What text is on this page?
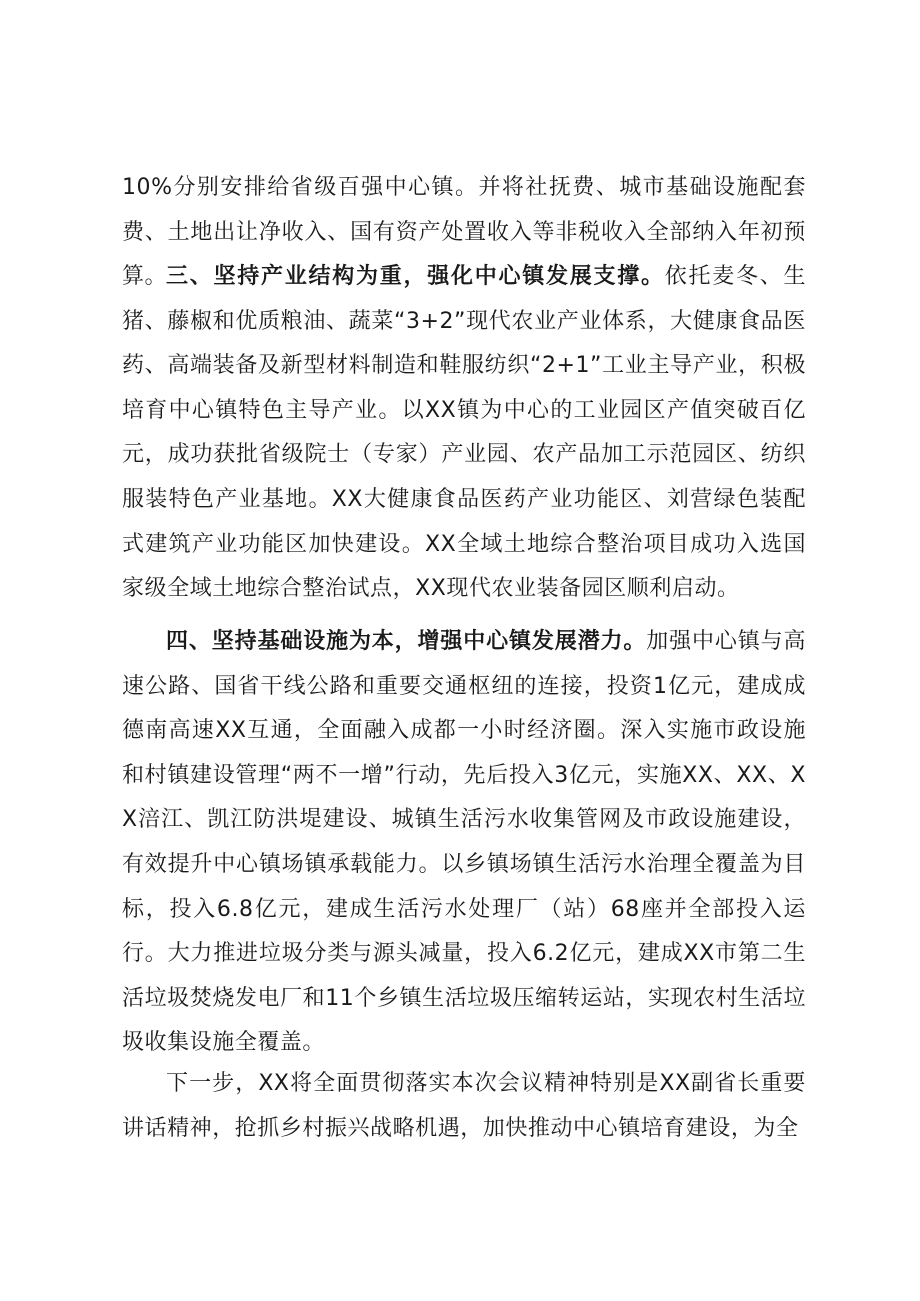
10%分别安排给省级百强中心镇。并将社抚费、城市基础设施配套费、土地出让净收入、国有资产处置收入等非税收入全部纳入年初预算。

三、坚持产业结构为重，强化中心镇发展支撑。依托麦冬、生猪、藤椒和优质粮油、蔬菜“3+2”现代农业产业体系，大健康食品医药、高端装备及新型材料制造和鞋服纺织“2+1”工业主导产业，积极培育中心镇特色主导产业。以XX镇为中心的工业园区产值突破百亿元，成功获批省级院士（专家）产业园、农产品加工示范园区、纺织服装特色产业基地。XX大健康食品医药产业功能区、刘营绿色装配式建筑产业功能区加快建设。XX全域土地综合整治项目成功入选国家级全域土地综合整治试点，XX现代农业装备园区顺利启动。

四、坚持基础设施为本，增强中心镇发展潜力。加强中心镇与高速公路、国省干线公路和重要交通枢纽的连接，投资1亿元，建成成德南高速XX互通，全面融入成都一小时经济圈。深入实施市政设施和村镇建设管理“两不一增”行动，先后投入3亿元，实施XX、XX、XX涪江、凯江防洪堤建设、城镇生活污水收集管网及市政设施建设，有效提升中心镇场镇承载能力。以乡镇场镇生活污水治理全覆盖为目标，投入6.8亿元，建成生活污水处理厂（站）68座并全部投入运行。大力推进垃圾分类与源头减量，投入6.2亿元，建成XX市第二生活垃圾焚烧发电厂和11个乡镇生活垃圾压缩转运站，实现农村生活垃圾收集设施全覆盖。

下一步，XX将全面贯彻落实本次会议精神特别是XX副省长重要讲话精神，抢抓乡村振兴战略机遇，加快推动中心镇培育建设，为全
